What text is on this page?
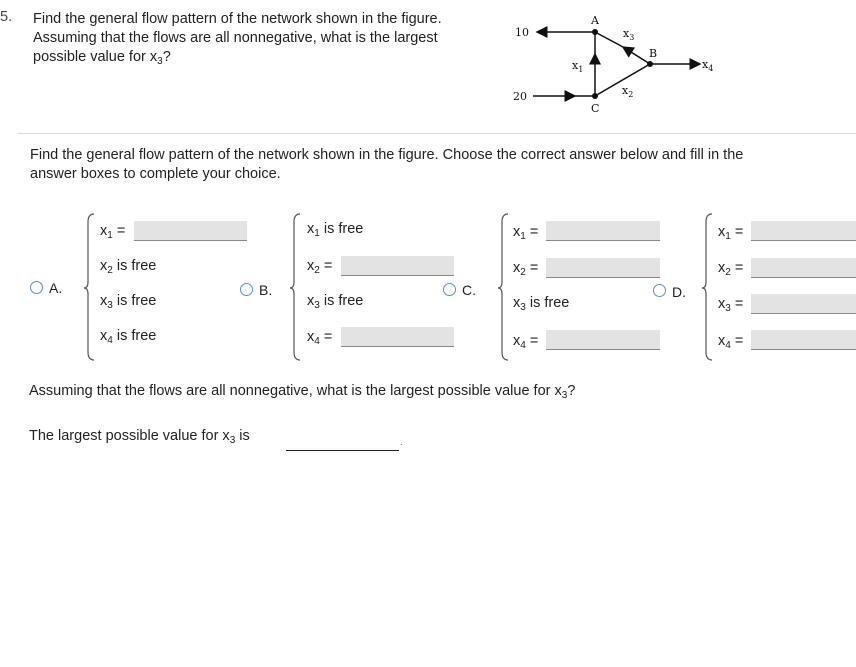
5. Find the general flow pattern of the network shown in the figure.
Assuming that the flows are all nonnegative, what is the largest
possible value for $x_3$?
10
20
A
B
C
$x_1$
$x_2$
$x_3$
$x_4$
Find the general flow pattern of the network shown in the figure. Choose the correct answer below and fill in the
answer boxes to complete your choice.
A.
$x_1$ =
$x_2$ is free
$x_3$ is free
$x_4$ is free
B.
$x_1$ is free
$x_2$ =
$x_3$ is free
$x_4$ =
C.
$x_1$ =
$x_2$ =
$x_3$ is free
$x_4$ =
D.
$x_1$ =
$x_2$ =
$x_3$ =
$x_4$ =
Assuming that the flows are all nonnegative, what is the largest possible value for $x_3$?
The largest possible value for $x_3$ is	.
